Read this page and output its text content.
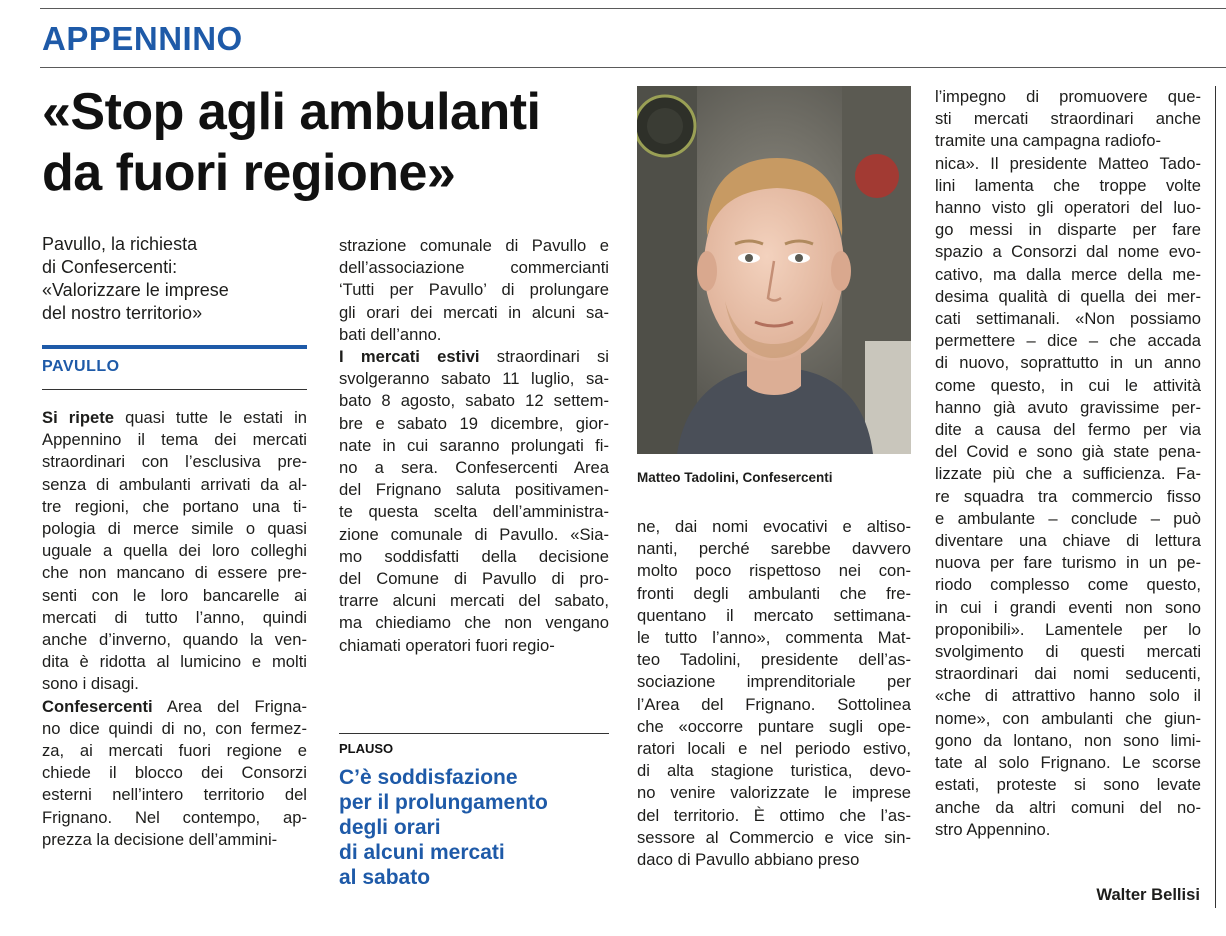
APPENNINO
«Stop agli ambulanti
da fuori regione»
Pavullo, la richiesta
di Confesercenti:
«Valorizzare le imprese
del nostro territorio»
PAVULLO
Si ripete quasi tutte le estati in
Appennino il tema dei mercati
straordinari con l’esclusiva pre-
senza di ambulanti arrivati da al-
tre regioni, che portano una ti-
pologia di merce simile o quasi
uguale a quella dei loro colleghi
che non mancano di essere pre-
senti con le loro bancarelle ai
mercati di tutto l’anno, quindi
anche d’inverno, quando la ven-
dita è ridotta al lumicino e molti
sono i disagi.
Confesercenti Area del Frigna-
no dice quindi di no, con fermez-
za, ai mercati fuori regione e
chiede il blocco dei Consorzi
esterni nell’intero territorio del
Frignano. Nel contempo, ap-
prezza la decisione dell’ammini-
strazione comunale di Pavullo e
dell’associazione commercianti
‘Tutti per Pavullo’ di prolungare
gli orari dei mercati in alcuni sa-
bati dell’anno.
I mercati estivi straordinari si
svolgeranno sabato 11 luglio, sa-
bato 8 agosto, sabato 12 settem-
bre e sabato 19 dicembre, gior-
nate in cui saranno prolungati fi-
no a sera. Confesercenti Area
del Frignano saluta positivamen-
te questa scelta dell’amministra-
zione comunale di Pavullo. «Sia-
mo soddisfatti della decisione
del Comune di Pavullo di pro-
trarre alcuni mercati del sabato,
ma chiediamo che non vengano
chiamati operatori fuori regio-
PLAUSO
C’è soddisfazione
per il prolungamento
degli orari
di alcuni mercati
al sabato
Matteo Tadolini, Confesercenti
ne, dai nomi evocativi e altiso-
nanti, perché sarebbe davvero
molto poco rispettoso nei con-
fronti degli ambulanti che fre-
quentano il mercato settimana-
le tutto l’anno», commenta Mat-
teo Tadolini, presidente dell’as-
sociazione imprenditoriale per
l’Area del Frignano. Sottolinea
che «occorre puntare sugli ope-
ratori locali e nel periodo estivo,
di alta stagione turistica, devo-
no venire valorizzate le imprese
del territorio. È ottimo che l’as-
sessore al Commercio e vice sin-
daco di Pavullo abbiano preso
l’impegno di promuovere que-
sti mercati straordinari anche
tramite una campagna radiofo-
nica». Il presidente Matteo Tado-
lini lamenta che troppe volte
hanno visto gli operatori del luo-
go messi in disparte per fare
spazio a Consorzi dal nome evo-
cativo, ma dalla merce della me-
desima qualità di quella dei mer-
cati settimanali. «Non possiamo
permettere – dice – che accada
di nuovo, soprattutto in un anno
come questo, in cui le attività
hanno già avuto gravissime per-
dite a causa del fermo per via
del Covid e sono già state pena-
lizzate più che a sufficienza. Fa-
re squadra tra commercio fisso
e ambulante – conclude – può
diventare una chiave di lettura
nuova per fare turismo in un pe-
riodo complesso come questo,
in cui i grandi eventi non sono
proponibili». Lamentele per lo
svolgimento di questi mercati
straordinari dai nomi seducenti,
«che di attrattivo hanno solo il
nome», con ambulanti che giun-
gono da lontano, non sono limi-
tate al solo Frignano. Le scorse
estati, proteste si sono levate
anche da altri comuni del no-
stro Appennino.
Walter Bellisi
